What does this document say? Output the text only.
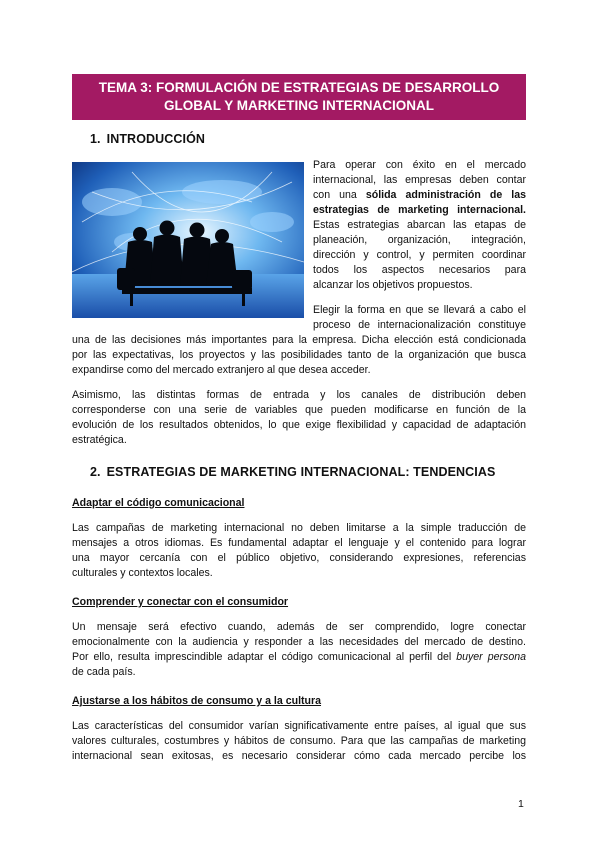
TEMA 3: FORMULACIÓN DE ESTRATEGIAS DE DESARROLLO
GLOBAL Y MARKETING INTERNACIONAL
1. INTRODUCCIÓN
Para operar con éxito en el mercado
internacional, las empresas deben contar
con una sólida administración de las
estrategias de marketing internacional.
Estas estrategias abarcan las etapas de
planeación, organización, integración,
dirección y control, y permiten coordinar
todos los aspectos necesarios para
alcanzar los objetivos propuestos.
Elegir la forma en que se llevará a cabo el
proceso de internacionalización constituye
una de las decisiones más importantes para la empresa. Dicha elección está condicionada
por las expectativas, los proyectos y las posibilidades tanto de la organización que busca
expandirse como del mercado extranjero al que desea acceder.
Asimismo, las distintas formas de entrada y los canales de distribución deben
corresponderse con una serie de variables que pueden modificarse en función de la
evolución de los resultados obtenidos, lo que exige flexibilidad y capacidad de adaptación
estratégica.
2. ESTRATEGIAS DE MARKETING INTERNACIONAL: TENDENCIAS
Adaptar el código comunicacional
Las campañas de marketing internacional no deben limitarse a la simple traducción de
mensajes a otros idiomas. Es fundamental adaptar el lenguaje y el contenido para lograr
una mayor cercanía con el público objetivo, considerando expresiones, referencias
culturales y contextos locales.
Comprender y conectar con el consumidor
Un mensaje será efectivo cuando, además de ser comprendido, logre conectar
emocionalmente con la audiencia y responder a las necesidades del mercado de destino.
Por ello, resulta imprescindible adaptar el código comunicacional al perfil del buyer persona
de cada país.
Ajustarse a los hábitos de consumo y a la cultura
Las características del consumidor varían significativamente entre países, al igual que sus
valores culturales, costumbres y hábitos de consumo. Para que las campañas de marketing
internacional sean exitosas, es necesario considerar cómo cada mercado percibe los
1
